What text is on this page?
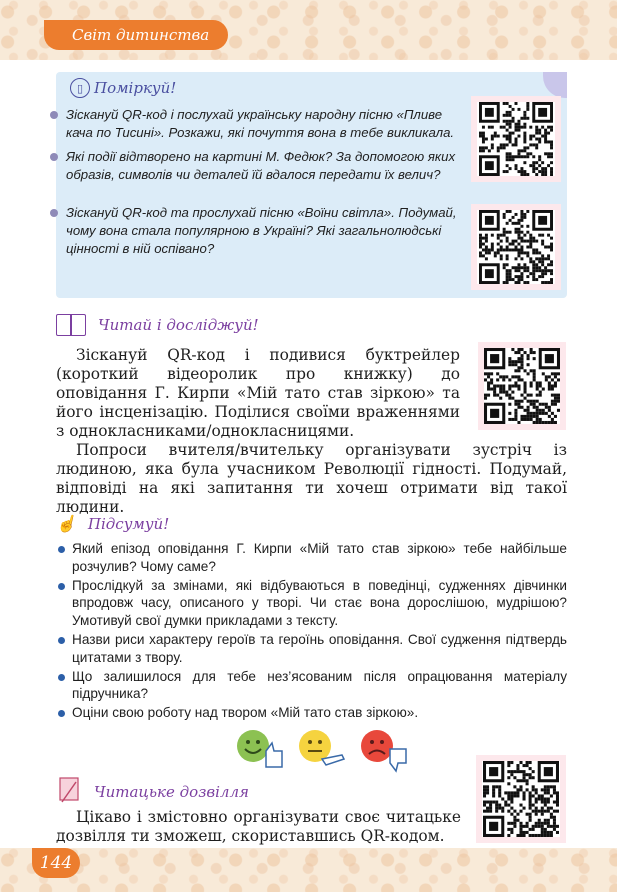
Світ дитинства
▯ Поміркуй!
Зіскануй QR-код і послухай українську народну пісню «Пливе кача по Тисині». Розкажи, які почуття вона в тебе викликала.
Які події відтворено на картині М. Федюк? За допомогою яких образів, символів чи деталей їй вдалося передати їх велич?
Зіскануй QR-код та прослухай пісню «Воїни світла». Подумай, чому вона стала популярною в Україні? Які загальнолюдські цінності в ній оспівано?
Читай і досліджуй!
Зіскануй QR-код і подивися буктрейлер (короткий відеоролик про книжку) до оповідання Г. Кирпи «Мій тато став зіркою» та його інсценізацію. Поділися своїми враженнями з однокласниками/однокласницями.
Попроси вчителя/вчительку організувати зустріч із людиною, яка була учасником Революції гідності. Подумай, відповіді на які запитання ти хочеш отримати від такої людини.
☝ Підсумуй!
Який епізод оповідання Г. Кирпи «Мій тато став зіркою» тебе найбільше розчулив? Чому саме?
Прослідкуй за змінами, які відбуваються в поведінці, судженнях дівчинки впродовж часу, описаного у творі. Чи стає вона дорослішою, мудрішою? Умотивуй свої думки прикладами з тексту.
Назви риси характеру героїв та героїнь оповідання. Свої судження підтвердь цитатами з твору.
Що залишилося для тебе нез’ясованим після опрацювання матеріалу підручника?
Оціни свою роботу над твором «Мій тато став зіркою».
Читацьке дозвілля
Цікаво і змістовно організувати своє читацьке дозвілля ти зможеш, скориставшись QR-кодом.
144
